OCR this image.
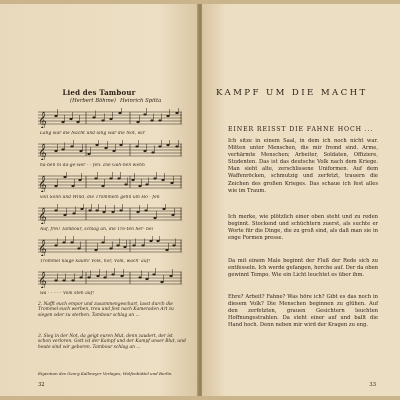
Lied des Tambour
(Herbert Böhme) Heinrich Spitta
𝄞
Lang war die Nacht und lang war die Not, wir
𝄞
ha-ben ni da-ge-wor - - fen. Die Gah-nen wehn
𝄞
voll Sonn und Wind, die Trommeln gehn um Ho - fen
𝄞
Auf, frei! Tambour, schlag an, die Tro-ten her- bei
𝄞
Trommel klage kaum! Volk, hör, Volk, wach' auf!
𝄞
wa - - - - - Volk steh auf!
2. Nafft euch empor und zusammengeschart, lasst durch die Trommel euch werben, treu und fest nach Kameraden Art zu siegen oder zu sterben. Tambour schlag an ...
3. Sieg in der Not, da geigt euren Mut, denn zaudert, der ist schon verloren. Gott ist der Kampf und der Kampf unser Blut, und heute sind wir geboren. Tambour schlag an ...
Eigentum des Georg Kallmeyer Verlages, Wolfenbüttel und Berlin.
32
KAMPF UM DIE MACHT
EINER REISST DIE FAHNE HOCH ...

Ich sitze in einem Saal, in dem ich noch nicht war. Mitten unter Menschen, die mir fremd sind. Arme, verhärmte Menschen; Arbeiter, Soldaten, Offiziere, Studenten. Das ist das deutsche Volk nach dem Kriege. Man sieht alte, zerschlissene Uniformen. Auf dem Waffenröcken, schmutzig und zerfetzt, trauern die Zeichen des großen Krieges. Das schaue ich fest alles wie im Traum.

Ich merke, wie plötzlich einer oben steht und zu reden beginnt. Stockend und schüchtern zuerst, als suchte er Worte für die Dinge, die zu groß sind, als daß man sie in enge Formen presse.

Da mit einem Male beginnt der Fluß der Rede sich zu entfesseln. Ich werde gefangen, horche auf. Der da oben gewinnt Tempo. Wie ein Licht leuchtet es über ihm.

Ehre? Arbeit? Fahne? Was höre ich? Gibt es das noch in diesem Volk? Die Menschen beginnen zu glühen. Auf den zerfetzten, grauen Gesichtern leuchten Hoffnungsstrahlen. Da steht einer auf und ballt die Hand hoch. Denn neben mir wird der Kragen zu eng.

33
